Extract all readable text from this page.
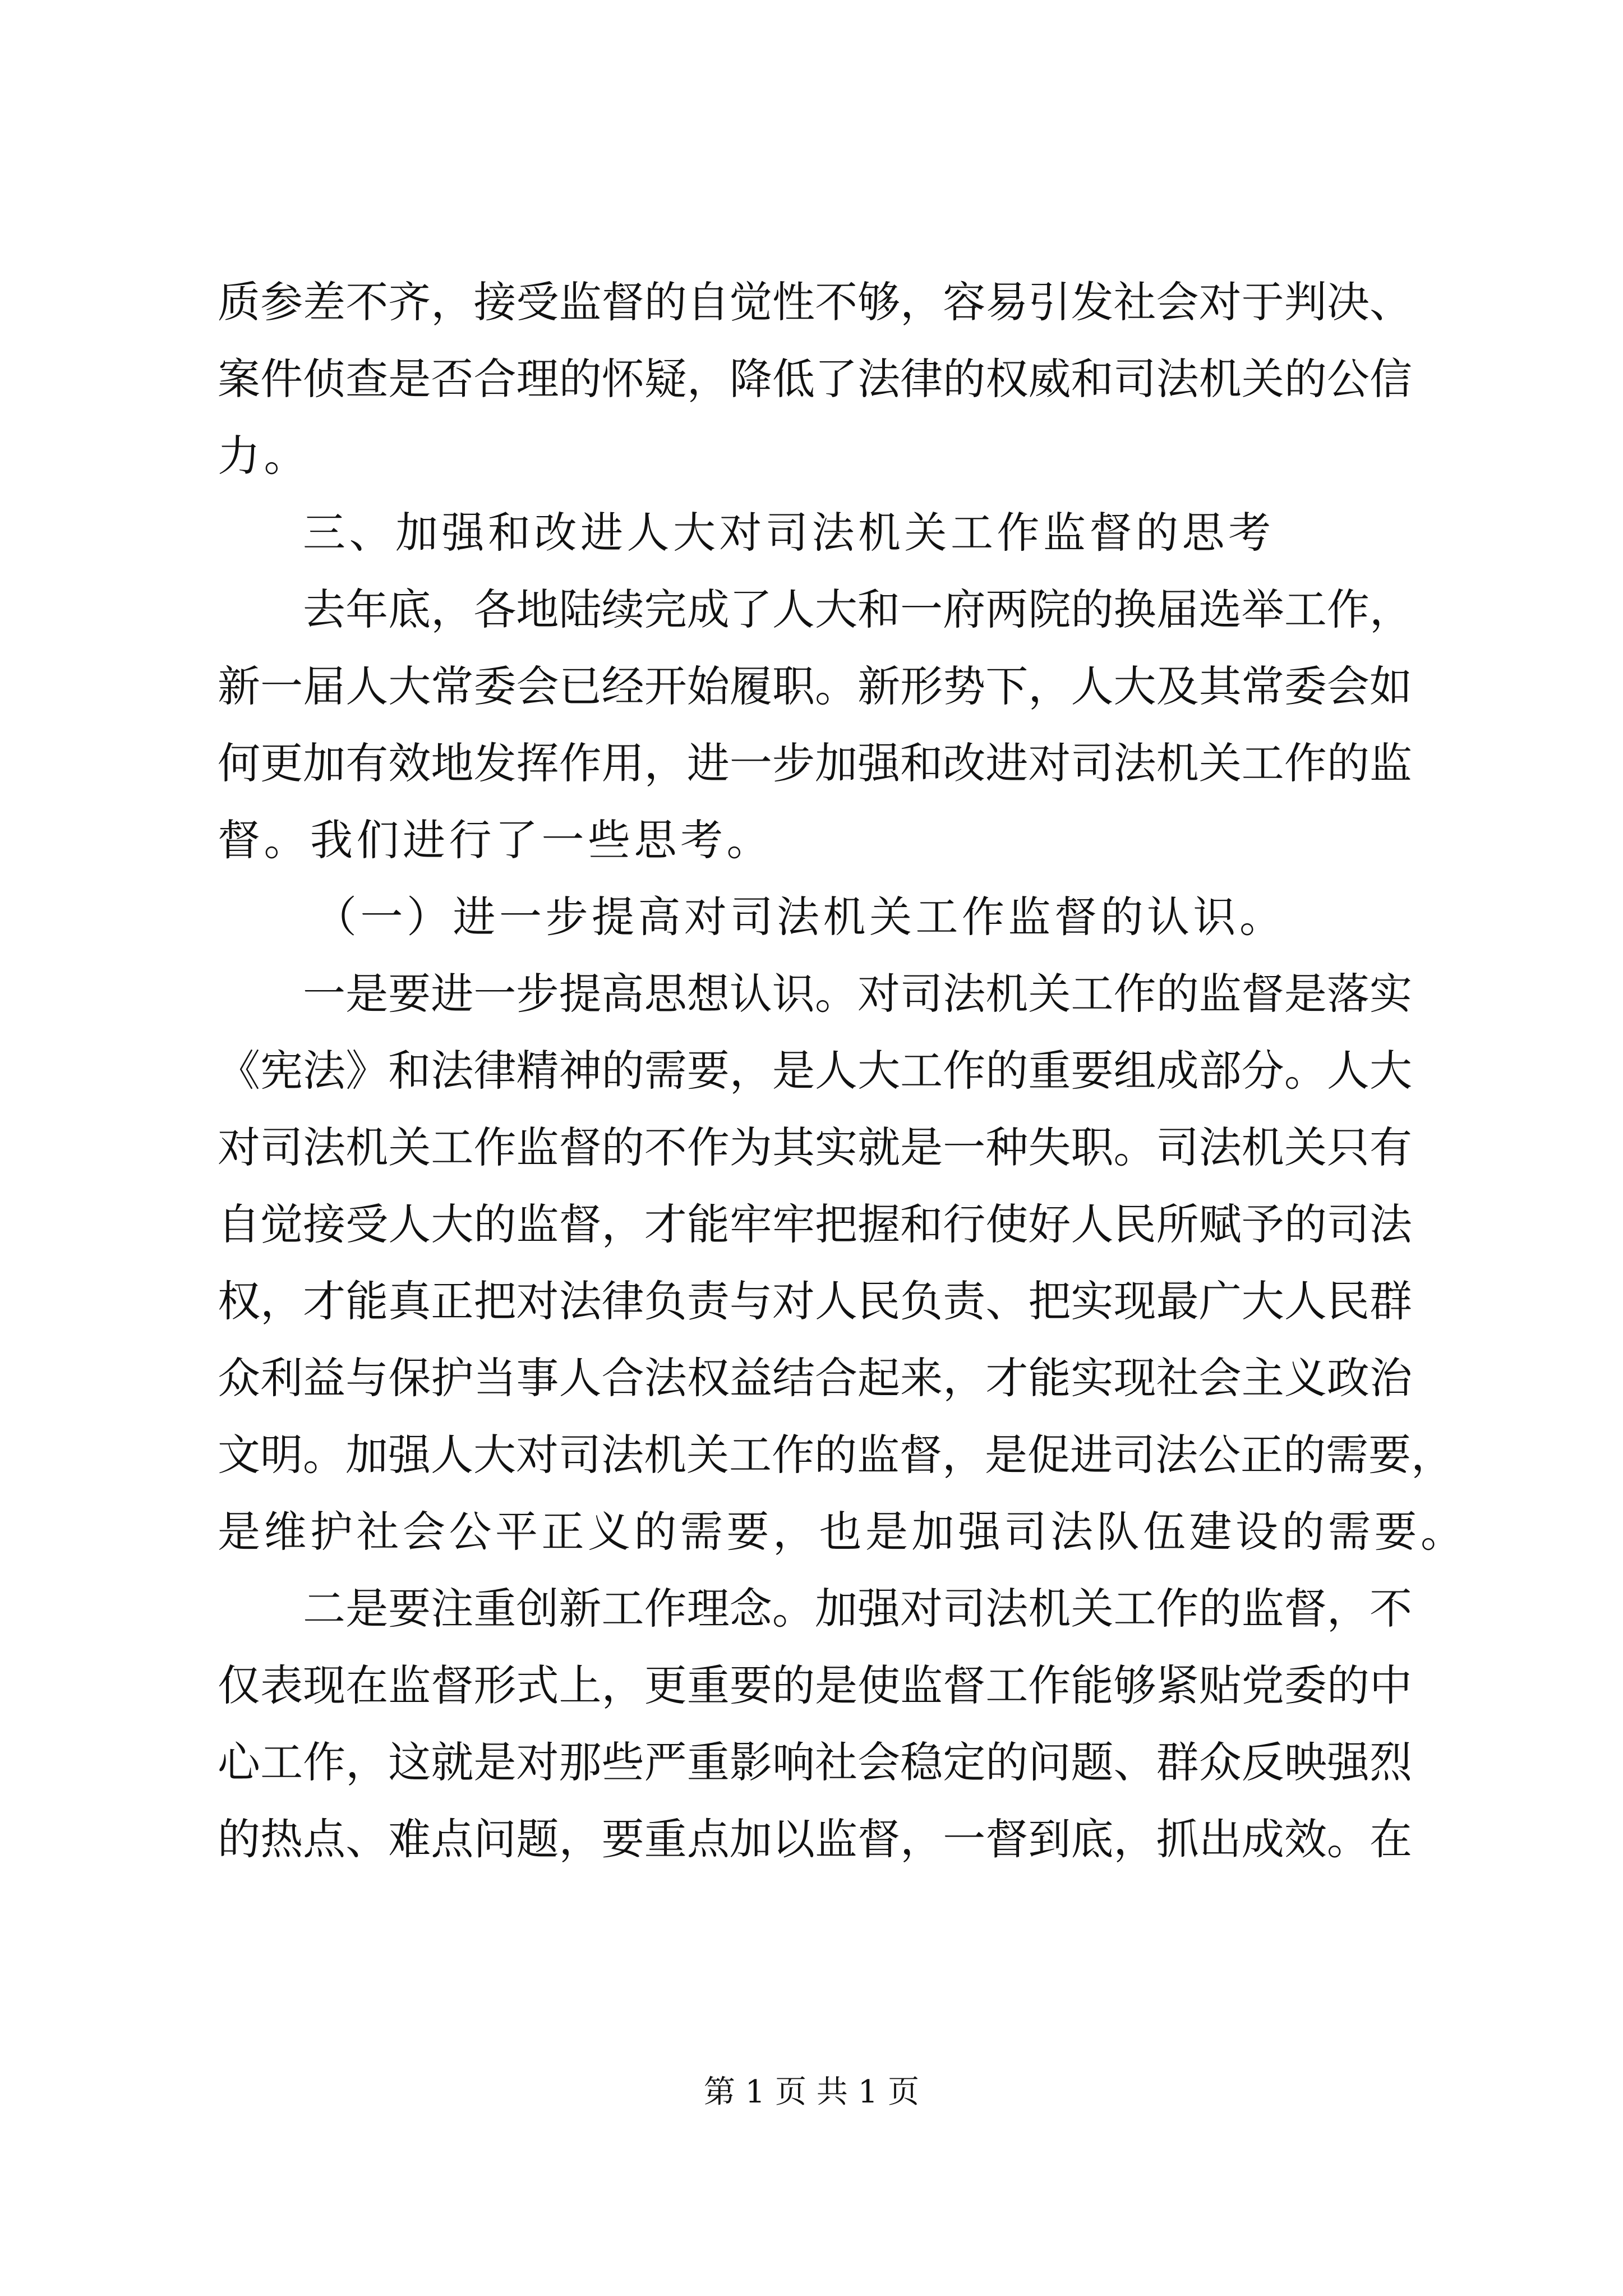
质参差不齐，接受监督的自觉性不够，容易引发社会对于判决、
案件侦查是否合理的怀疑，降低了法律的权威和司法机关的公信
力。
三、加强和改进人大对司法机关工作监督的思考
去年底，各地陆续完成了人大和一府两院的换届选举工作，
新一届人大常委会已经开始履职。新形势下，人大及其常委会如
何更加有效地发挥作用，进一步加强和改进对司法机关工作的监
督。我们进行了一些思考。
（一）进一步提高对司法机关工作监督的认识。
一是要进一步提高思想认识。对司法机关工作的监督是落实
《宪法》和法律精神的需要，是人大工作的重要组成部分。人大
对司法机关工作监督的不作为其实就是一种失职。司法机关只有
自觉接受人大的监督，才能牢牢把握和行使好人民所赋予的司法
权，才能真正把对法律负责与对人民负责、把实现最广大人民群
众利益与保护当事人合法权益结合起来，才能实现社会主义政治
文明。加强人大对司法机关工作的监督，是促进司法公正的需要，
是维护社会公平正义的需要，也是加强司法队伍建设的需要。
二是要注重创新工作理念。加强对司法机关工作的监督，不
仅表现在监督形式上，更重要的是使监督工作能够紧贴党委的中
心工作，这就是对那些严重影响社会稳定的问题、群众反映强烈
的热点、难点问题，要重点加以监督，一督到底，抓出成效。在
第 1 页 共 1 页
